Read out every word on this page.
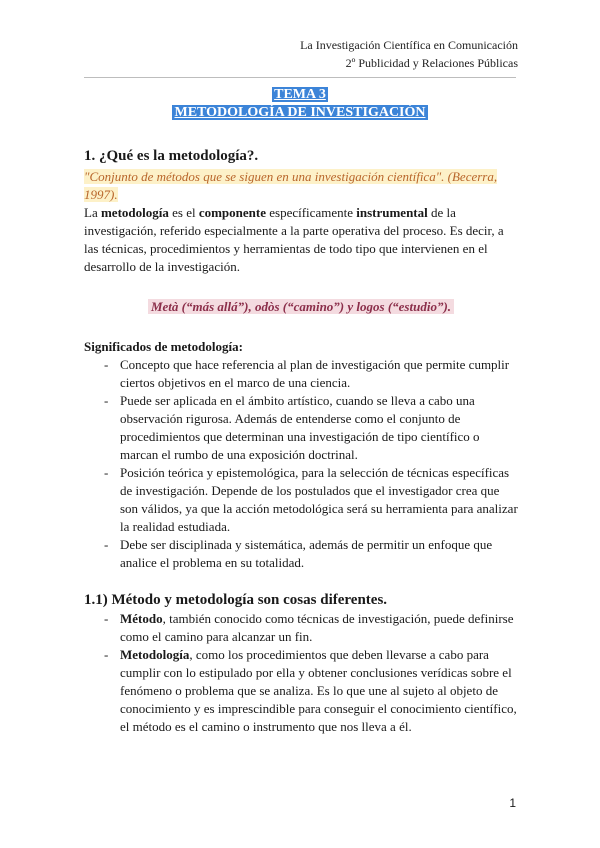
La Investigación Científica en Comunicación
2º Publicidad y Relaciones Públicas
TEMA 3
METODOLOGÍA DE INVESTIGACIÓN
1. ¿Qué es la metodología?.
"Conjunto de métodos que se siguen en una investigación científica". (Becerra, 1997).

La metodología es el componente específicamente instrumental de la investigación, referido especialmente a la parte operativa del proceso. Es decir, a las técnicas, procedimientos y herramientas de todo tipo que intervienen en el desarrollo de la investigación.

Metà (“más allá”), odòs (“camino”) y logos (“estudio”).
Significados de metodología:
- Concepto que hace referencia al plan de investigación que permite cumplir ciertos objetivos en el marco de una ciencia.
- Puede ser aplicada en el ámbito artístico, cuando se lleva a cabo una observación rigurosa. Además de entenderse como el conjunto de procedimientos que determinan una investigación de tipo científico o marcan el rumbo de una exposición doctrinal.
- Posición teórica y epistemológica, para la selección de técnicas específicas de investigación. Depende de los postulados que el investigador crea que son válidos, ya que la acción metodológica será su herramienta para analizar la realidad estudiada.
- Debe ser disciplinada y sistemática, además de permitir un enfoque que analice el problema en su totalidad.
1.1) Método y metodología son cosas diferentes.
- Método, también conocido como técnicas de investigación, puede definirse como el camino para alcanzar un fin.
- Metodología, como los procedimientos que deben llevarse a cabo para cumplir con lo estipulado por ella y obtener conclusiones verídicas sobre el fenómeno o problema que se analiza. Es lo que une al sujeto al objeto de conocimiento y es imprescindible para conseguir el conocimiento científico, el método es el camino o instrumento que nos lleva a él.
1
